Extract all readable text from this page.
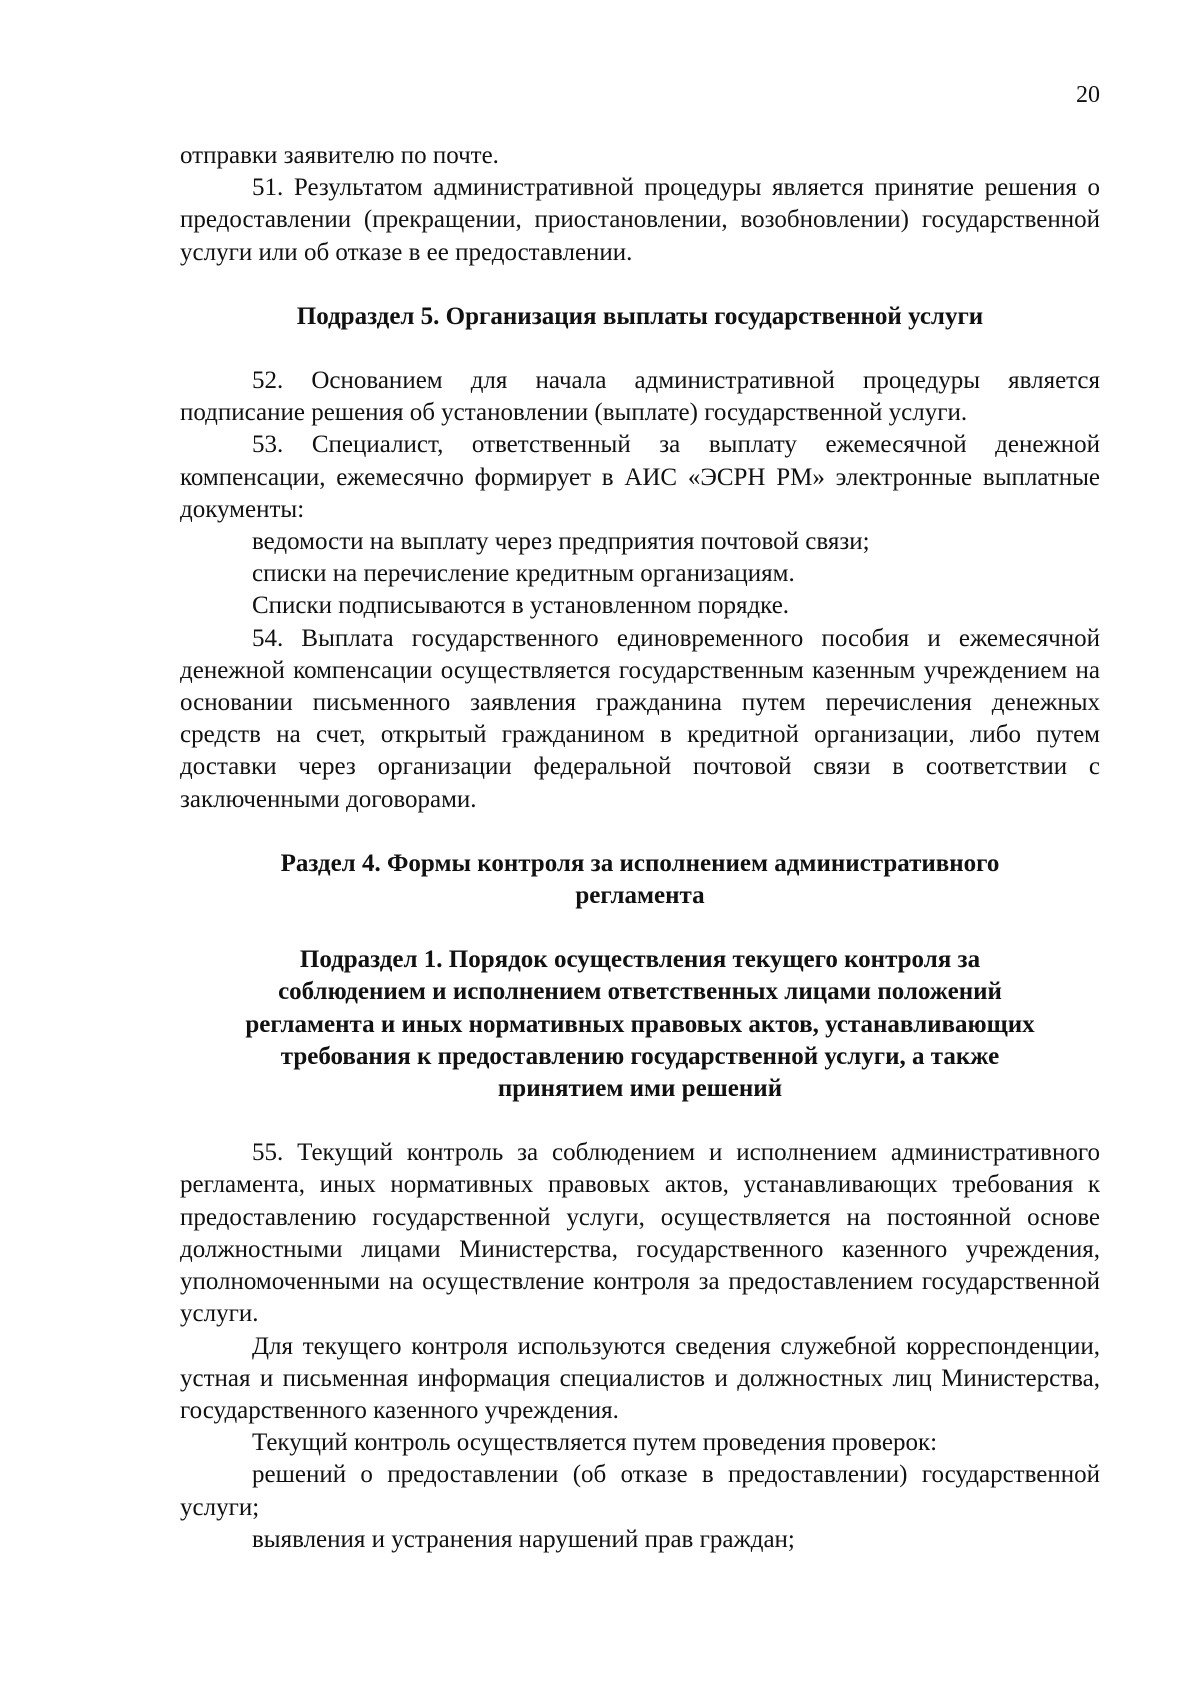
20

отправки заявителю по почте.

51. Результатом административной процедуры является принятие решения о предоставлении (прекращении, приостановлении, возобновлении) государственной услуги или об отказе в ее предоставлении.

Подраздел 5. Организация выплаты государственной услуги

52. Основанием для начала административной процедуры является подписание решения об установлении (выплате) государственной услуги.

53. Специалист, ответственный за выплату ежемесячной денежной компенсации, ежемесячно формирует в АИС «ЭСРН РМ» электронные выплатные документы:

ведомости на выплату через предприятия почтовой связи;

списки на перечисление кредитным организациям.

Списки подписываются в установленном порядке.

54. Выплата государственного единовременного пособия и ежемесячной денежной компенсации осуществляется государственным казенным учреждением на основании письменного заявления гражданина путем перечисления денежных средств на счет, открытый гражданином в кредитной организации, либо путем доставки через организации федеральной почтовой связи в соответствии с заключенными договорами.

Раздел 4. Формы контроля за исполнением административного
регламента
Подраздел 1. Порядок осуществления текущего контроля за
соблюдением и исполнением ответственных лицами положений
регламента и иных нормативных правовых актов, устанавливающих
требования к предоставлению государственной услуги, а также
принятием ими решений

55. Текущий контроль за соблюдением и исполнением административного регламента, иных нормативных правовых актов, устанавливающих требования к предоставлению государственной услуги, осуществляется на постоянной основе должностными лицами Министерства, государственного казенного учреждения, уполномоченными на осуществление контроля за предоставлением государственной услуги.

Для текущего контроля используются сведения служебной корреспонденции, устная и письменная информация специалистов и должностных лиц Министерства, государственного казенного учреждения.

Текущий контроль осуществляется путем проведения проверок:

решений о предоставлении (об отказе в предоставлении) государственной услуги;

выявления и устранения нарушений прав граждан;
